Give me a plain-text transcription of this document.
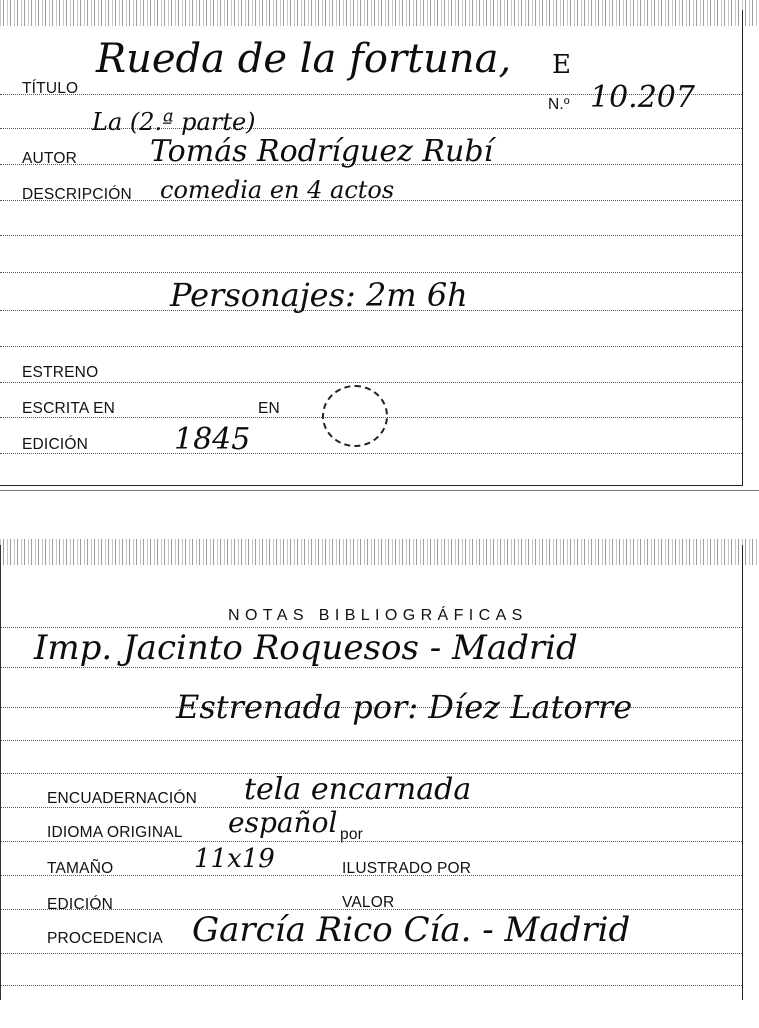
TÍTULO
Rueda de la fortuna,
La (2.ª parte)
E
N.º 10.207
AUTOR Tomás Rodríguez Rubí
DESCRIPCIÓN comedia en 4 actos
Personajes: 2m 6h
ESTRENO
ESCRITA EN	EN
EDICIÓN	1845
NOTAS BIBLIOGRÁFICAS
Imp. Jacinto Roquesos - Madrid
Estrenada por: Díez Latorre
ENCUADERNACIÓN tela encarnada
IDIOMA ORIGINAL español por
TAMAÑO	11x19	ILUSTRADO POR
EDICIÓN	VALOR
PROCEDENCIA García Rico Cía. - Madrid
